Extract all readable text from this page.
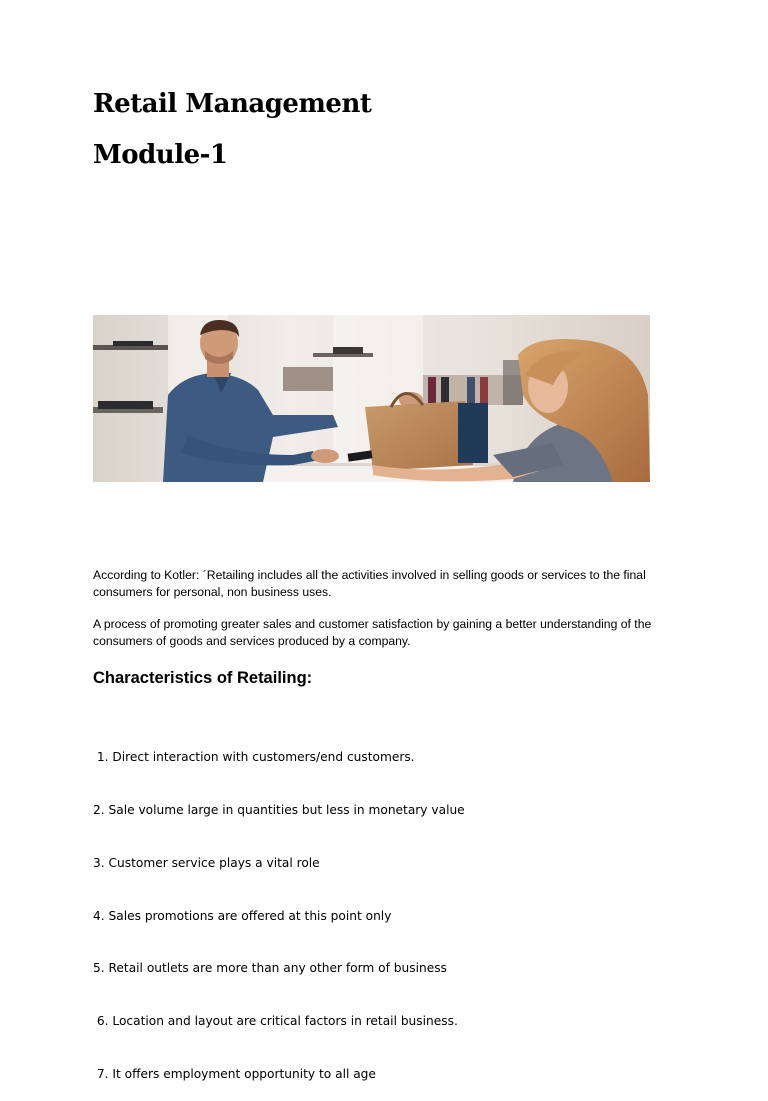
Retail Management
Module-1

According to Kotler: ´Retailing includes all the activities involved in selling goods or services to the final consumers for personal, non business uses.

A process of promoting greater sales and customer satisfaction by gaining a better understanding of the consumers of goods and services produced by a company.

Characteristics of Retailing:

1. Direct interaction with customers/end customers.

2. Sale volume large in quantities but less in monetary value

3. Customer service plays a vital role

4. Sales promotions are offered at this point only

5. Retail outlets are more than any other form of business

6. Location and layout are critical factors in retail business.

7. It offers employment opportunity to all age
